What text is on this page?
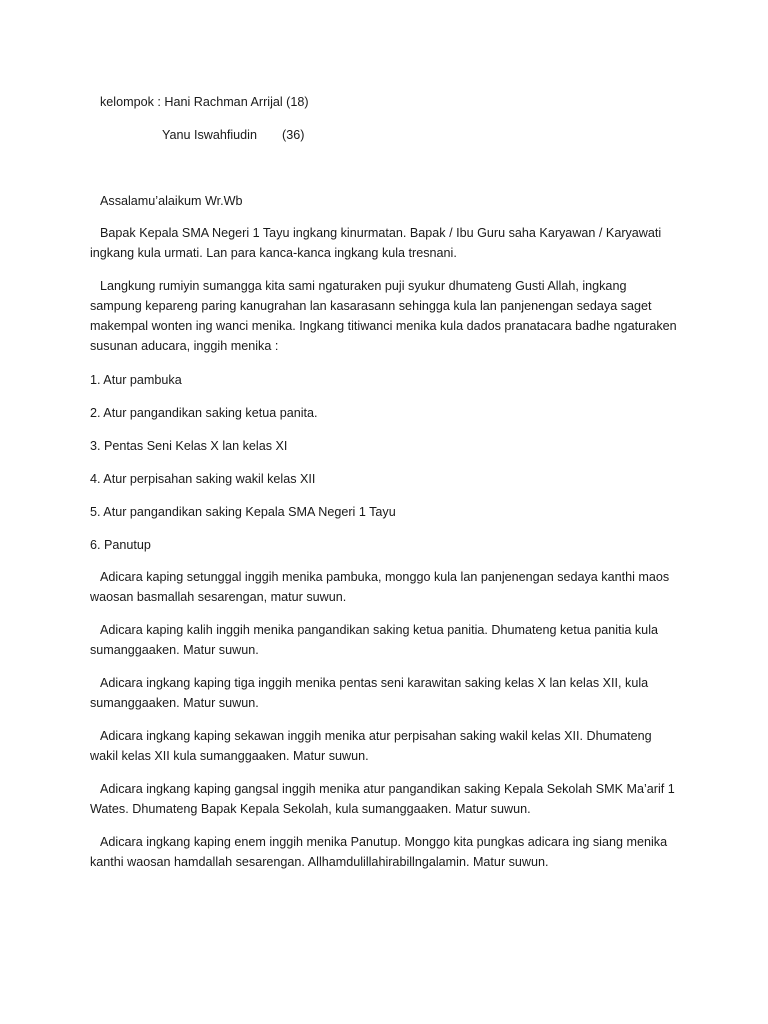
kelompok : Hani Rachman Arrijal (18)
Yanu Iswahfiudin (36)
Assalamu’alaikum Wr.Wb

Bapak Kepala SMA Negeri 1 Tayu ingkang kinurmatan. Bapak / Ibu Guru saha Karyawan / Karyawati ingkang kula urmati. Lan para kanca-kanca ingkang kula tresnani.

Langkung rumiyin sumangga kita sami ngaturaken puji syukur dhumateng Gusti Allah, ingkang sampung kepareng paring kanugrahan lan kasarasann sehingga kula lan panjenengan sedaya saget makempal wonten ing wanci menika. Ingkang titiwanci menika kula dados pranatacara badhe ngaturaken susunan aducara, inggih menika :

1. Atur pambuka
2. Atur pangandikan saking ketua panita.
3. Pentas Seni Kelas X lan kelas XI
4. Atur perpisahan saking wakil kelas XII
5. Atur pangandikan saking Kepala SMA Negeri 1 Tayu
6. Panutup

Adicara kaping setunggal inggih menika pambuka, monggo kula lan panjenengan sedaya kanthi maos waosan basmallah sesarengan, matur suwun.

Adicara kaping kalih inggih menika pangandikan saking ketua panitia. Dhumateng ketua panitia kula sumanggaaken. Matur suwun.

Adicara ingkang kaping tiga inggih menika pentas seni karawitan saking kelas X lan kelas XII, kula sumanggaaken. Matur suwun.

Adicara ingkang kaping sekawan inggih menika atur perpisahan saking wakil kelas XII. Dhumateng wakil kelas XII kula sumanggaaken. Matur suwun.

Adicara ingkang kaping gangsal inggih menika atur pangandikan saking Kepala Sekolah SMK Ma’arif 1 Wates. Dhumateng Bapak Kepala Sekolah, kula sumanggaaken. Matur suwun.

Adicara ingkang kaping enem inggih menika Panutup. Monggo kita pungkas adicara ing siang menika kanthi waosan hamdallah sesarengan. Allhamdulillahirabillngalamin. Matur suwun.
